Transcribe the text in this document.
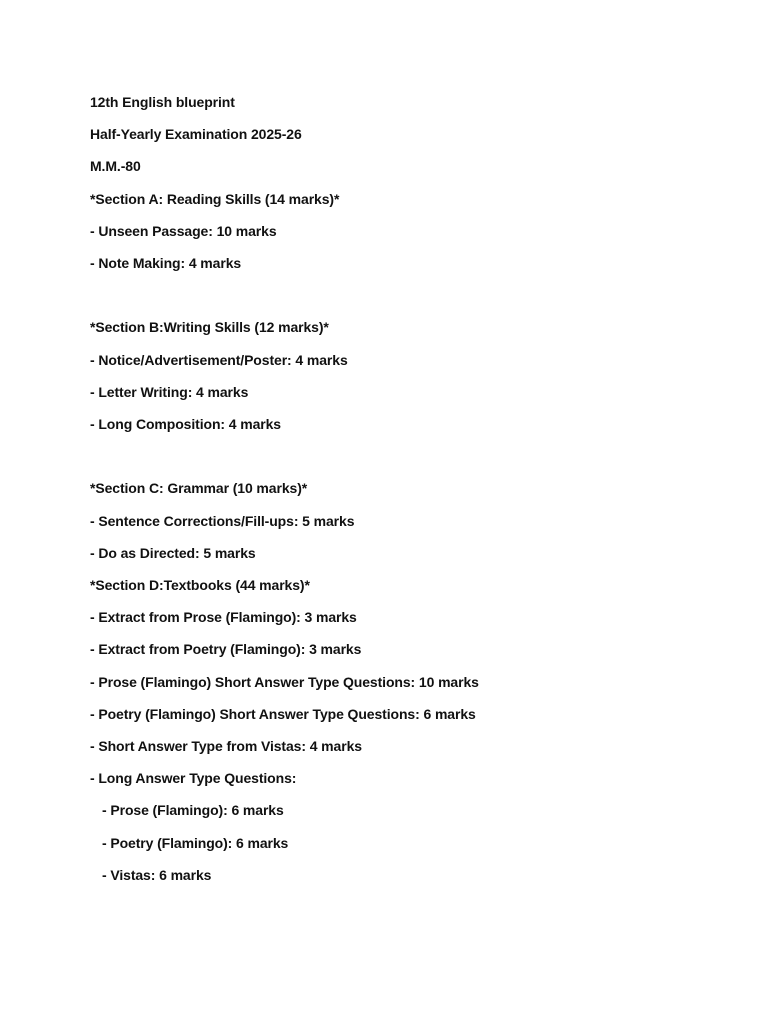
12th English blueprint

Half-Yearly Examination 2025-26

M.M.-80

*Section A: Reading Skills (14 marks)*

- Unseen Passage: 10 marks

- Note Making: 4 marks

*Section B:Writing Skills (12 marks)*

- Notice/Advertisement/Poster: 4 marks

- Letter Writing: 4 marks

- Long Composition: 4 marks

*Section C: Grammar (10 marks)*

- Sentence Corrections/Fill-ups: 5 marks

- Do as Directed: 5 marks

*Section D:Textbooks (44 marks)*

- Extract from Prose (Flamingo): 3 marks

- Extract from Poetry (Flamingo): 3 marks

- Prose (Flamingo) Short Answer Type Questions: 10 marks

- Poetry (Flamingo) Short Answer Type Questions: 6 marks

- Short Answer Type from Vistas: 4 marks

- Long Answer Type Questions:

- Prose (Flamingo): 6 marks

- Poetry (Flamingo): 6 marks

- Vistas: 6 marks
